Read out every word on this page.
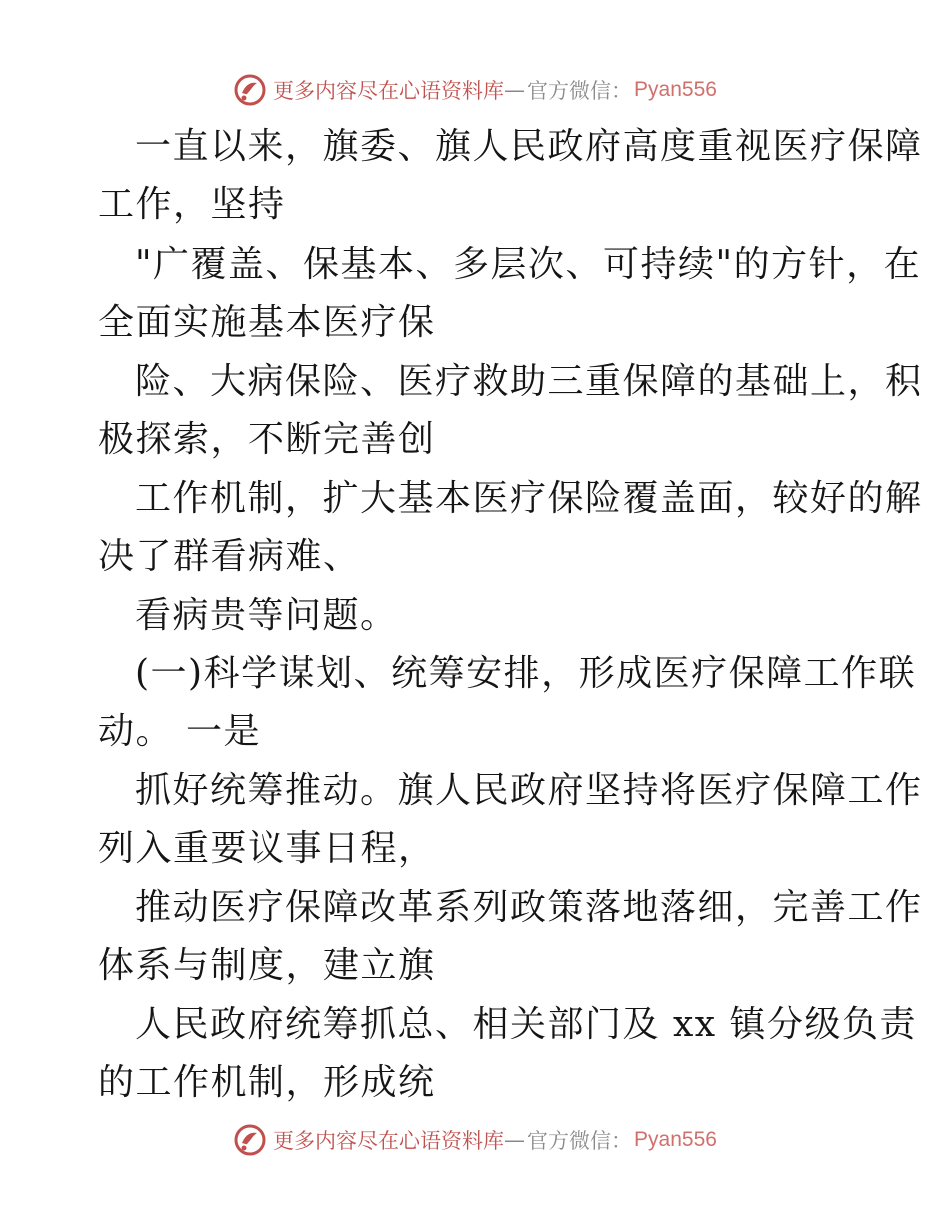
更多内容尽在心语资料库 — 官方微信： Pyan556
一直以来，旗委、旗人民政府高度重视医疗保障
工作，坚持
"广覆盖、保基本、多层次、可持续"的方针，在
全面实施基本医疗保
险、大病保险、医疗救助三重保障的基础上，积
极探索，不断完善创
工作机制，扩大基本医疗保险覆盖面，较好的解
决了群看病难、
看病贵等问题。
(一)科学谋划、统筹安排，形成医疗保障工作联
动。 一是
抓好统筹推动。旗人民政府坚持将医疗保障工作
列入重要议事日程，
推动医疗保障改革系列政策落地落细，完善工作
体系与制度，建立旗
人民政府统筹抓总、相关部门及 xx 镇分级负责
的工作机制，形成统
更多内容尽在心语资料库 — 官方微信： Pyan556
